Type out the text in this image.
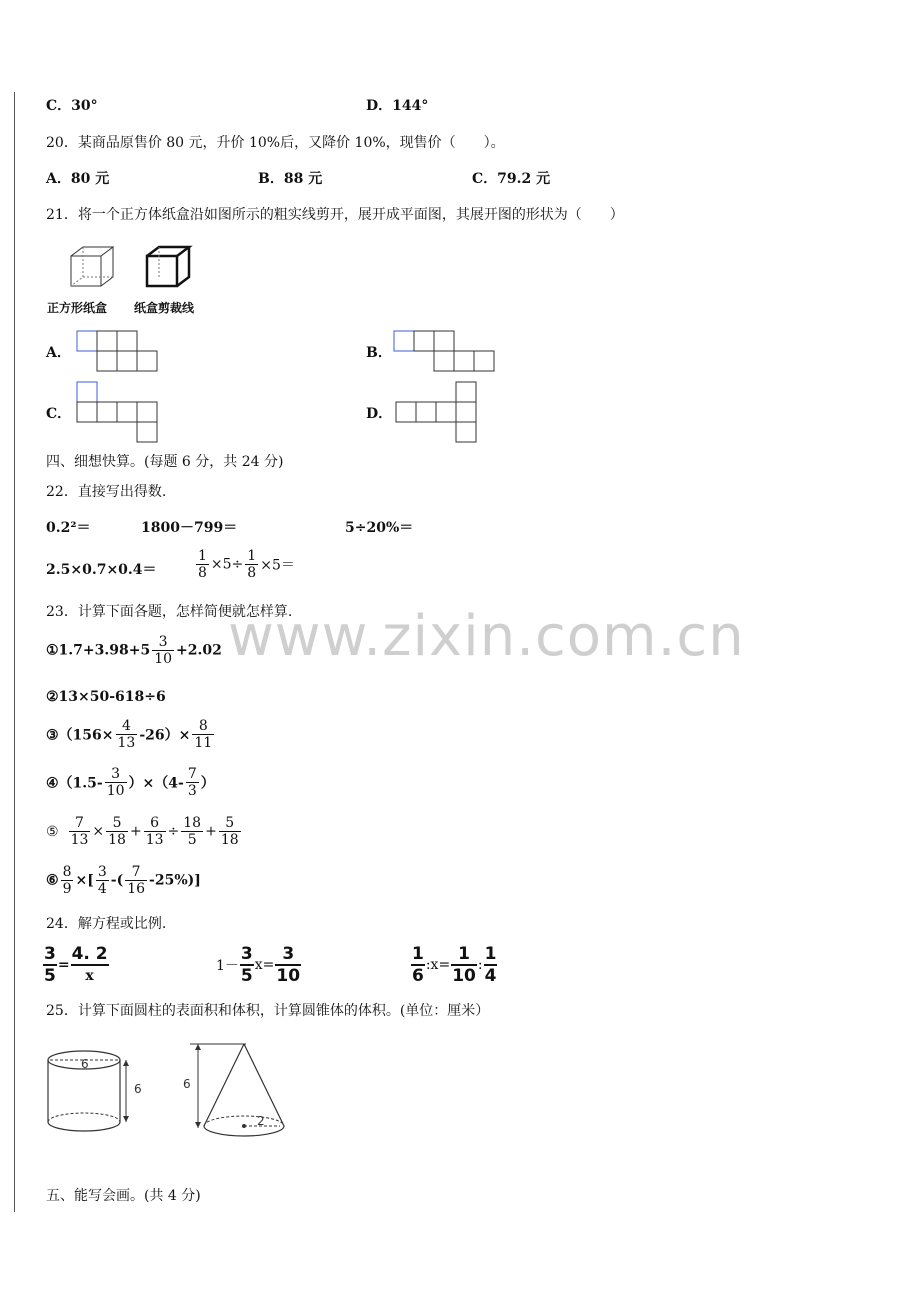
www.zixin.com.cn
C．30°	D．144°
20．某商品原售价 80 元，升价 10%后，又降价 10%，现售价（　　）。
A．80 元	B．88 元	C．79.2 元
21．将一个正方体纸盒沿如图所示的粗实线剪开，展开成平面图，其展开图的形状为（　　）
正方形纸盒 纸盒剪裁线
A．	B．
C．	D．
四、细想快算。(每题 6 分，共 24 分)
22．直接写出得数.
0.2²＝	1800－799＝	5÷20%＝
2.5×0.7×0.4＝	$\frac{1}{8} \times 5\div \frac{1}{8} \times 5=$
23．计算下面各题，怎样简便就怎样算.
①1.7+3.98+5 $\frac{3}{10} +2.02$
②13×50-618÷6
③（156× $\frac{4}{13} -26)\times \frac{8}{11}$
④（1.5- $\frac{3}{10} )\times(4- \frac{7}{3}$ ）
⑤ $\frac{7}{13} \times \frac{5}{18} + \frac{6}{13} \div \frac{18}{5} + \frac{5}{18}$
⑥ $\frac{8}{9}$ ×[ $\frac{3}{4}$ -( $\frac{7}{16} -25\%$)]
24．解方程或比例.
$\frac{3}{5}$ =
4. 2
x
$1- \frac{3}{5} x= \frac{3}{10}$	$\frac{1}{6}$ :x= $\frac{1}{10}$ : $\frac{1}{4}$
25．计算下面圆柱的表面积和体积，计算圆锥体的体积。(单位：厘米）
6
6	6
2
五、能写会画。(共 4 分)
